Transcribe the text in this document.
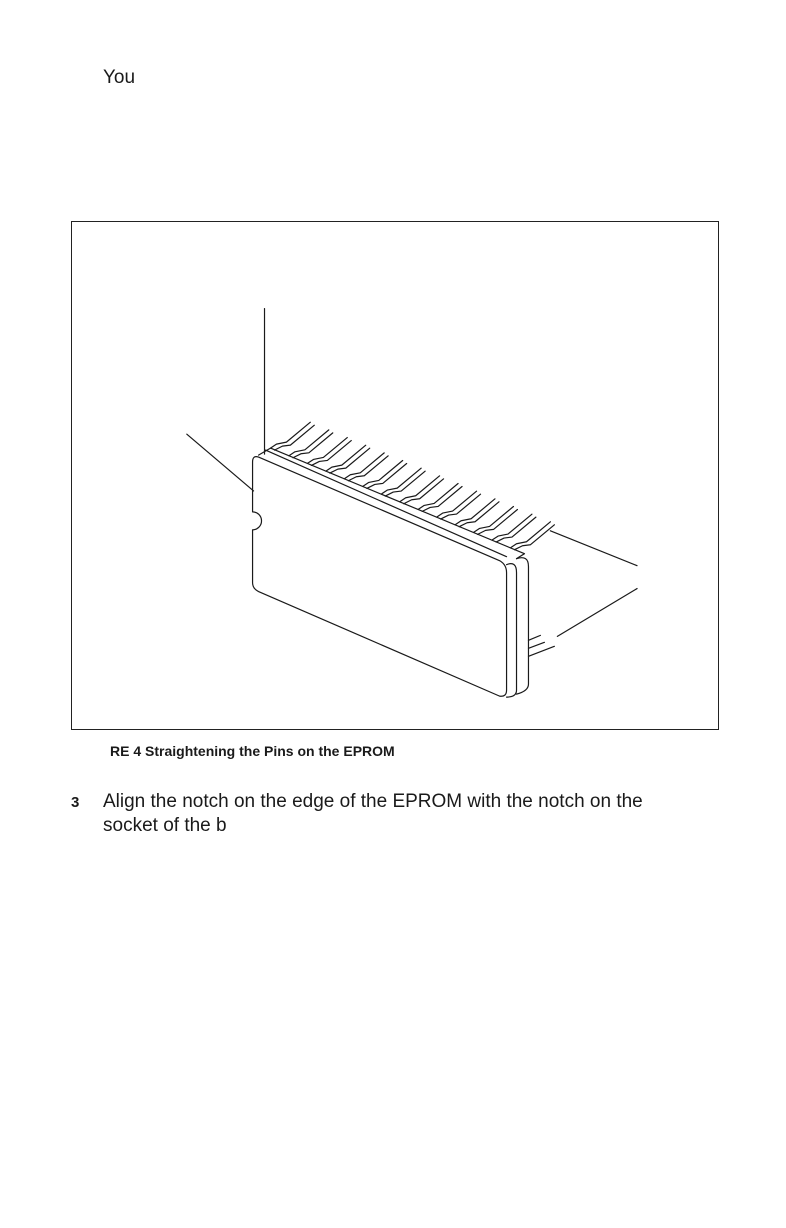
You
RE 4 Straightening the Pins on the EPROM
3 Align the notch on the edge of the EPROM with the notch on the
socket of the b
